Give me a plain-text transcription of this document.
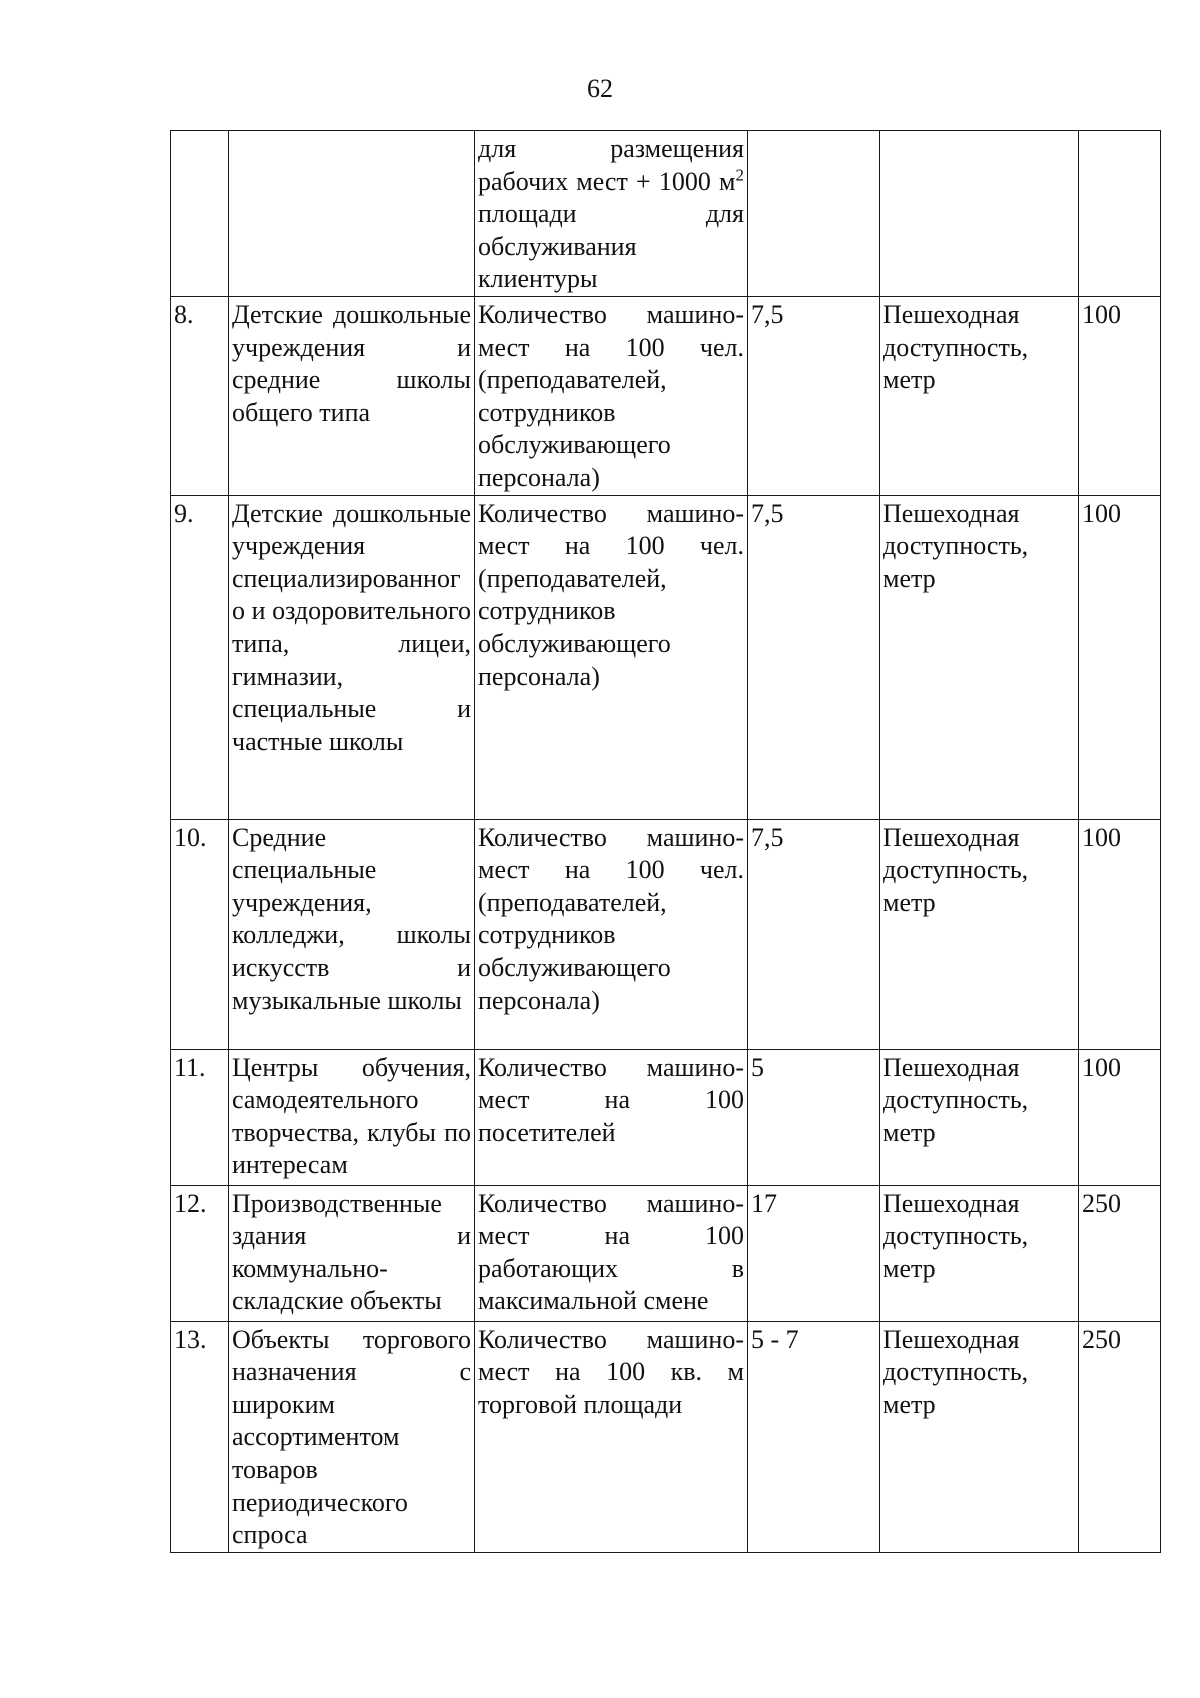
62
		для размещения рабочих мест + 1000 $м^2$ площади для обслуживания клиентуры			
8.	Детские дошкольные учреждения и средние школы общего типа	Количество машино-мест на 100 чел. (преподавателей, сотрудников обслуживающего персонала)	7,5	Пешеходная доступность, метр	100
9.	Детские дошкольные учреждения специализированного и оздоровительного типа, лицеи, гимназии, специальные и частные школы	Количество машино-мест на 100 чел. (преподавателей, сотрудников обслуживающего персонала)	7,5	Пешеходная доступность, метр	100
10.	Средние специальные учреждения, колледжи, школы искусств и музыкальные школы	Количество машино-мест на 100 чел. (преподавателей, сотрудников обслуживающего персонала)	7,5	Пешеходная доступность, метр	100
11.	Центры обучения, самодеятельного творчества, клубы по интересам	Количество машино-мест на 100 посетителей	5	Пешеходная доступность, метр	100
12.	Производственные здания и коммунально-складские объекты	Количество машино-мест на 100 работающих в максимальной смене	17	Пешеходная доступность, метр	250
13.	Объекты торгового назначения с широким ассортиментом товаров периодического спроса	Количество машино-мест на 100 кв. м торговой площади	5 - 7	Пешеходная доступность, метр	250
